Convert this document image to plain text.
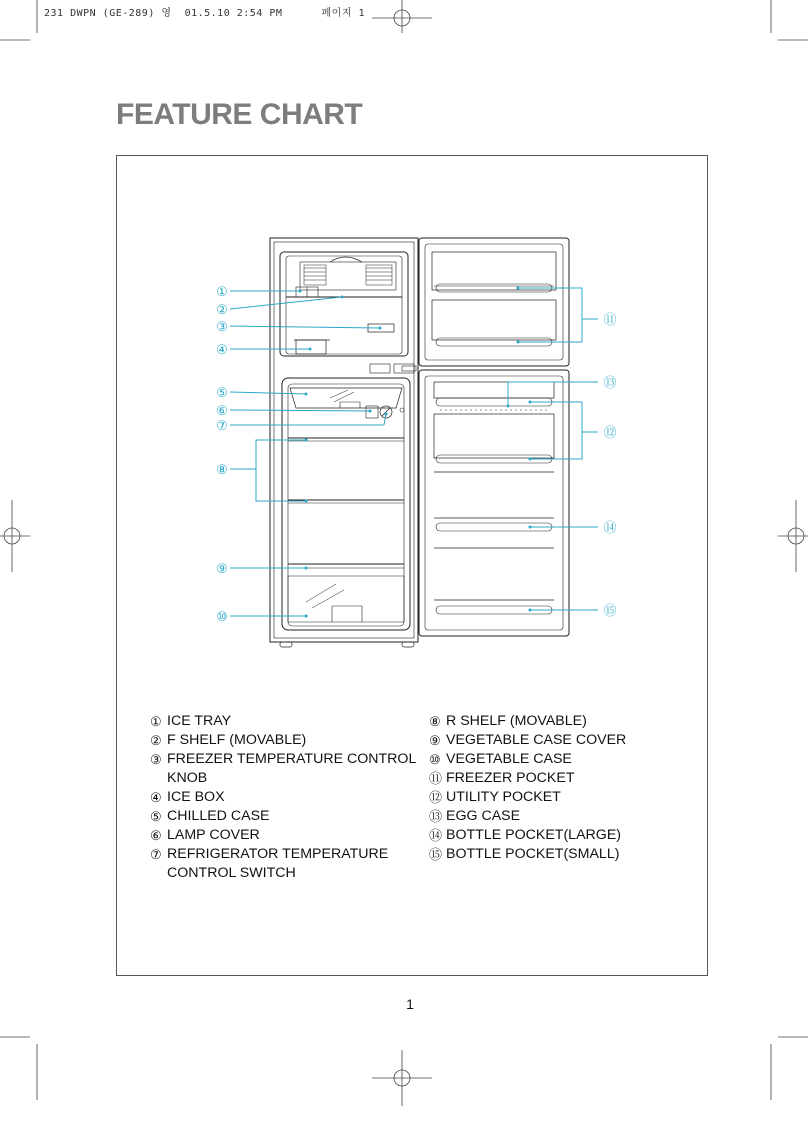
231 DWPN (GE-289) 영  01.5.10 2:54 PM      페이지 1
FEATURE CHART
①
②
③
④
⑤
⑥
⑦
⑧
⑨
⑩
⑪
⑬
⑫
⑭
⑮
① ICE TRAY
② F SHELF (MOVABLE)
③ FREEZER TEMPERATURE CONTROL
KNOB
④ ICE BOX
⑤ CHILLED CASE
⑥ LAMP COVER
⑦ REFRIGERATOR TEMPERATURE
CONTROL SWITCH
⑧ R SHELF (MOVABLE)
⑨ VEGETABLE CASE COVER
⑩ VEGETABLE CASE
⑪ FREEZER POCKET
⑫ UTILITY POCKET
⑬ EGG CASE
⑭ BOTTLE POCKET(LARGE)
⑮ BOTTLE POCKET(SMALL)
1
